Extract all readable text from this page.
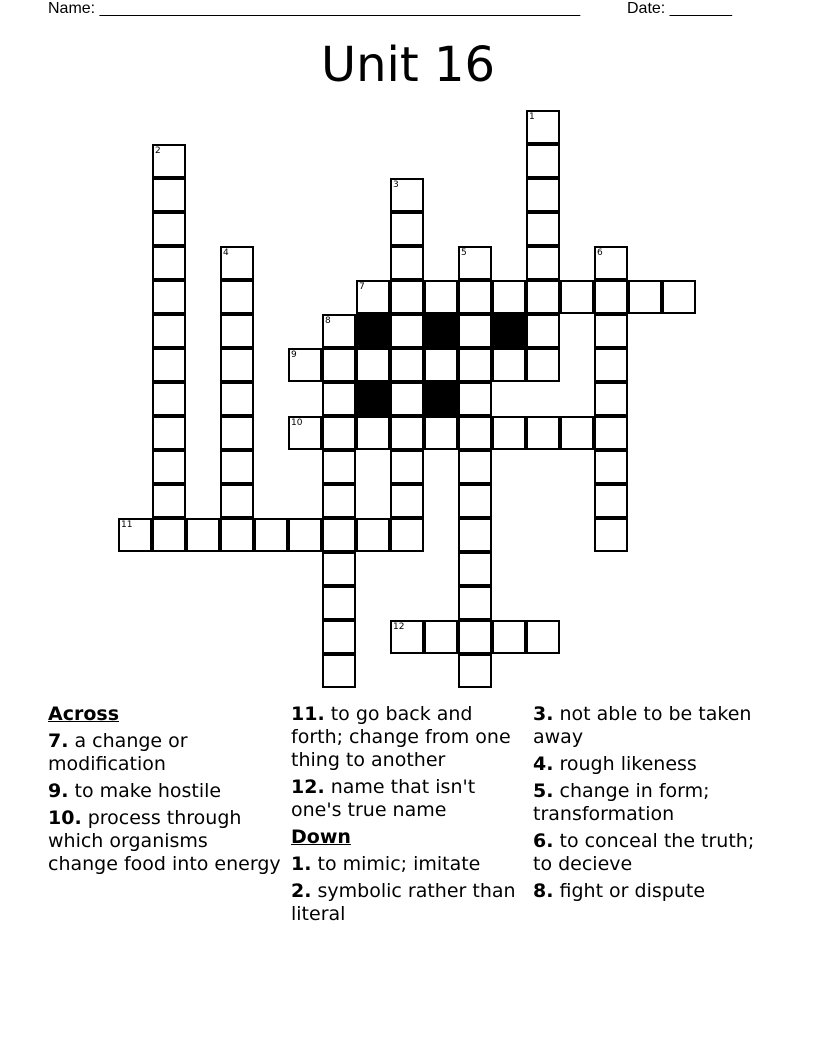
Name: ______________________________________________________	Date: _______
Unit 16
11
2
4
9
10
8
7
3
12
5
1
6
Across
7. a change or modification
9. to make hostile
10. process through which organisms change food into energy
11. to go back and forth; change from one thing to another
12. name that isn't one's true name
Down
1. to mimic; imitate
2. symbolic rather than literal
3. not able to be taken away
4. rough likeness
5. change in form; transformation
6. to conceal the truth; to decieve
8. fight or dispute
